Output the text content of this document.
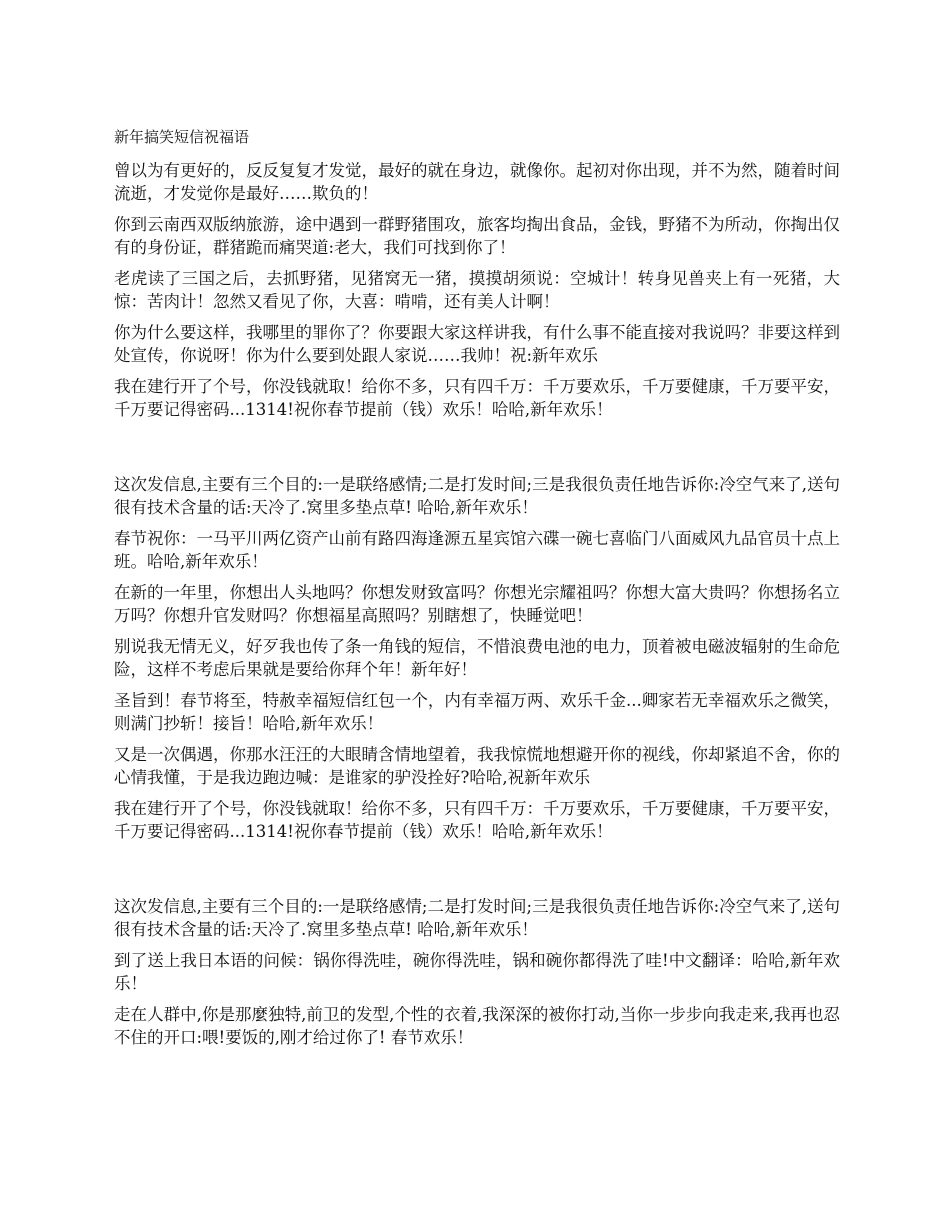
新年搞笑短信祝福语

曾以为有更好的，反反复复才发觉，最好的就在身边，就像你。起初对你出现，并不为然，随着时间流逝，才发觉你是最好……欺负的！

你到云南西双版纳旅游，途中遇到一群野猪围攻，旅客均掏出食品，金钱，野猪不为所动，你掏出仅有的身份证，群猪跪而痛哭道:老大，我们可找到你了！

老虎读了三国之后，去抓野猪，见猪窝无一猪，摸摸胡须说：空城计！转身见兽夹上有一死猪，大惊：苦肉计！忽然又看见了你，大喜：啃啃，还有美人计啊！

你为什么要这样，我哪里的罪你了？你要跟大家这样讲我，有什么事不能直接对我说吗？非要这样到处宣传，你说呀！你为什么要到处跟人家说……我帅！祝:新年欢乐

我在建行开了个号，你没钱就取！给你不多，只有四千万：千万要欢乐，千万要健康，千万要平安，千万要记得密码...1314!祝你春节提前（钱）欢乐！哈哈,新年欢乐！

这次发信息,主要有三个目的:一是联络感情;二是打发时间;三是我很负责任地告诉你:冷空气来了,送句很有技术含量的话:天冷了.窝里多垫点草! 哈哈,新年欢乐！

春节祝你：一马平川两亿资产山前有路四海逢源五星宾馆六碟一碗七喜临门八面威风九品官员十点上班。哈哈,新年欢乐！

在新的一年里，你想出人头地吗？你想发财致富吗？你想光宗耀祖吗？你想大富大贵吗？你想扬名立万吗？你想升官发财吗？你想福星高照吗？别瞎想了，快睡觉吧！

别说我无情无义，好歹我也传了条一角钱的短信，不惜浪费电池的电力，顶着被电磁波辐射的生命危险，这样不考虑后果就是要给你拜个年！新年好！

圣旨到！春节将至，特赦幸福短信红包一个，内有幸福万两、欢乐千金...卿家若无幸福欢乐之微笑，则满门抄斩！接旨！哈哈,新年欢乐！

又是一次偶遇，你那水汪汪的大眼睛含情地望着，我我惊慌地想避开你的视线，你却紧追不舍，你的心情我懂，于是我边跑边喊：是谁家的驴没拴好?哈哈,祝新年欢乐

我在建行开了个号，你没钱就取！给你不多，只有四千万：千万要欢乐，千万要健康，千万要平安，千万要记得密码...1314!祝你春节提前（钱）欢乐！哈哈,新年欢乐！

这次发信息,主要有三个目的:一是联络感情;二是打发时间;三是我很负责任地告诉你:冷空气来了,送句很有技术含量的话:天冷了.窝里多垫点草! 哈哈,新年欢乐！

到了送上我日本语的问候：锅你得洗哇，碗你得洗哇，锅和碗你都得洗了哇!中文翻译：哈哈,新年欢乐！

走在人群中,你是那麼独特,前卫的发型,个性的衣着,我深深的被你打动,当你一步步向我走来,我再也忍不住的开口:喂!要饭的,刚才给过你了! 春节欢乐！
